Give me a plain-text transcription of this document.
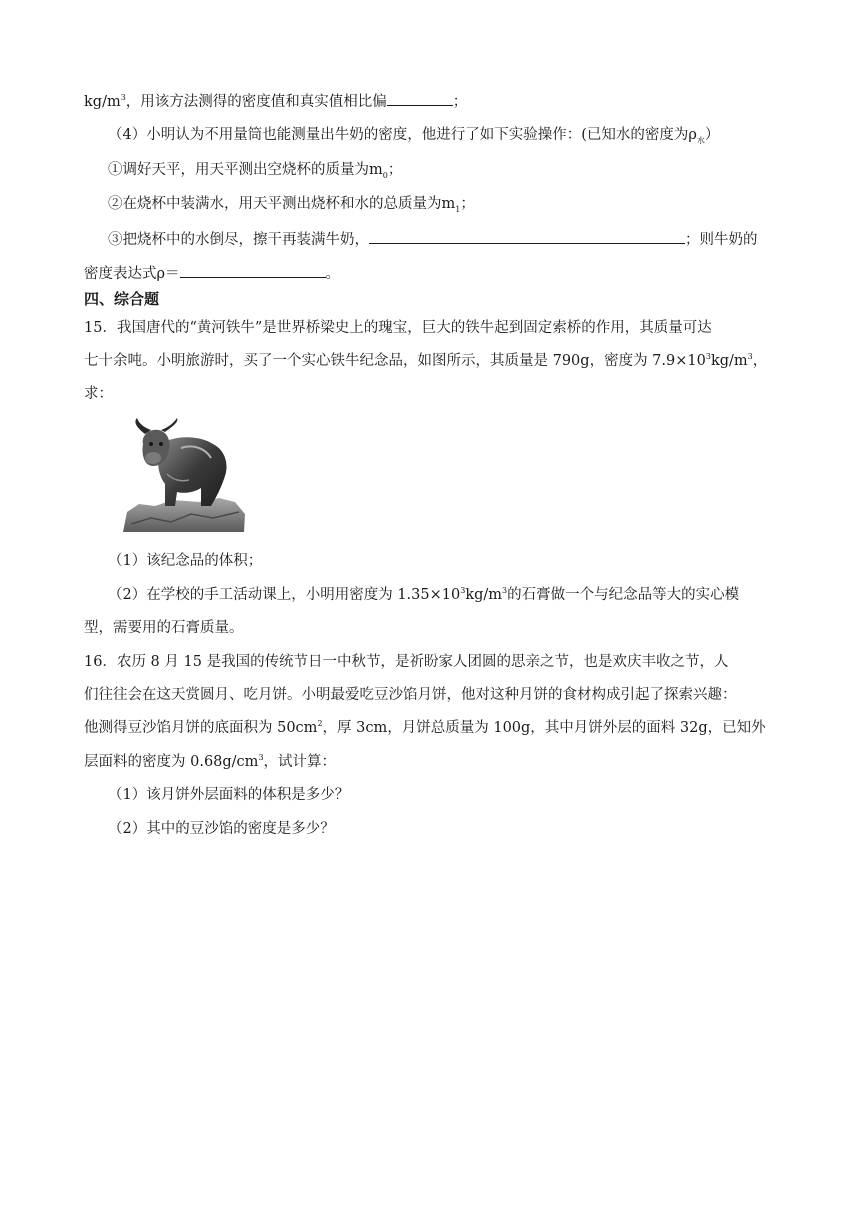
$kg/m^3$，用该方法测得的密度值和真实值相比偏	；
（4）小明认为不用量筒也能测量出牛奶的密度，他进行了如下实验操作：(已知水的密度为$\rho_水$）
①调好天平，用天平测出空烧杯的质量为$m_0$；
②在烧杯中装满水，用天平测出烧杯和水的总质量为$m_1$；
③把烧杯中的水倒尽，擦干再装满牛奶，	；则牛奶的
密度表达式ρ＝	。
四、综合题
15．我国唐代的“黄河铁牛”是世界桥梁史上的瑰宝，巨大的铁牛起到固定索桥的作用，其质量可达
七十余吨。小明旅游时，买了一个实心铁牛纪念品，如图所示，其质量是 790g，密度为 $7.9\times 10^3kg/m^3$，
求：
（1）该纪念品的体积；
（2）在学校的手工活动课上，小明用密度为 $1.35\times 10^3kg/m^3$的石膏做一个与纪念品等大的实心模
型，需要用的石膏质量。
16．农历 8 月 15 是我国的传统节日一中秋节，是祈盼家人团圆的思亲之节，也是欢庆丰收之节，人
们往往会在这天赏圆月、吃月饼。小明最爱吃豆沙馅月饼，他对这种月饼的食材构成引起了探索兴趣：
他测得豆沙馅月饼的底面积为 $50cm^2$，厚 3cm，月饼总质量为 100g，其中月饼外层的面料 32g，已知外
层面料的密度为 $0.68g/cm^3$，试计算：
（1）该月饼外层面料的体积是多少？
（2）其中的豆沙馅的密度是多少？
